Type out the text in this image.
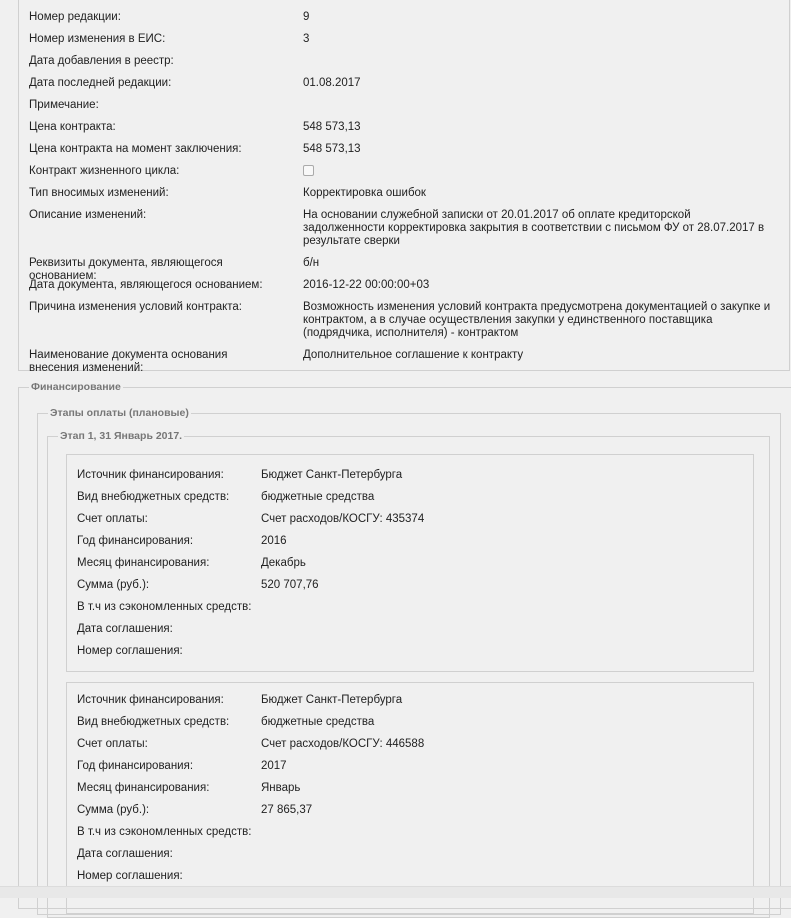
Номер редакции:	9
Номер изменения в ЕИС:	3
Дата добавления в реестр:
Дата последней редакции:	01.08.2017
Примечание:
Цена контракта:	548 573,13
Цена контракта на момент заключения:	548 573,13
Контракт жизненного цикла:
Тип вносимых изменений:	Корректировка ошибок
Описание изменений:	На основании служебной записки от 20.01.2017 об оплате кредиторской задолженности корректировка закрытия в соответствии с письмом ФУ от 28.07.2017 в результате сверки
Реквизиты документа, являющегося основанием:
б/н
Дата документа, являющегося основанием:	2016-12-22 00:00:00+03
Причина изменения условий контракта:	Возможность изменения условий контракта предусмотрена документацией о закупке и контрактом, а в случае осуществления закупки у единственного поставщика (подрядчика, исполнителя) - контрактом
Наименование документа основания внесения изменений:
Дополнительное соглашение к контракту
Финансирование
Этапы оплаты (плановые)
Этап 1, 31 Январь 2017.
Источник финансирования:	Бюджет Санкт-Петербурга
Вид внебюджетных средств:	бюджетные средства
Счет оплаты:	Счет расходов/КОСГУ: 435374
Год финансирования:	2016
Месяц финансирования:	Декабрь
Сумма (руб.):	520 707,76
В т.ч из сэкономленных средств:
Дата соглашения:
Номер соглашения:
Источник финансирования:	Бюджет Санкт-Петербурга
Вид внебюджетных средств:	бюджетные средства
Счет оплаты:	Счет расходов/КОСГУ: 446588
Год финансирования:	2017
Месяц финансирования:	Январь
Сумма (руб.):	27 865,37
В т.ч из сэкономленных средств:
Дата соглашения:
Номер соглашения:
